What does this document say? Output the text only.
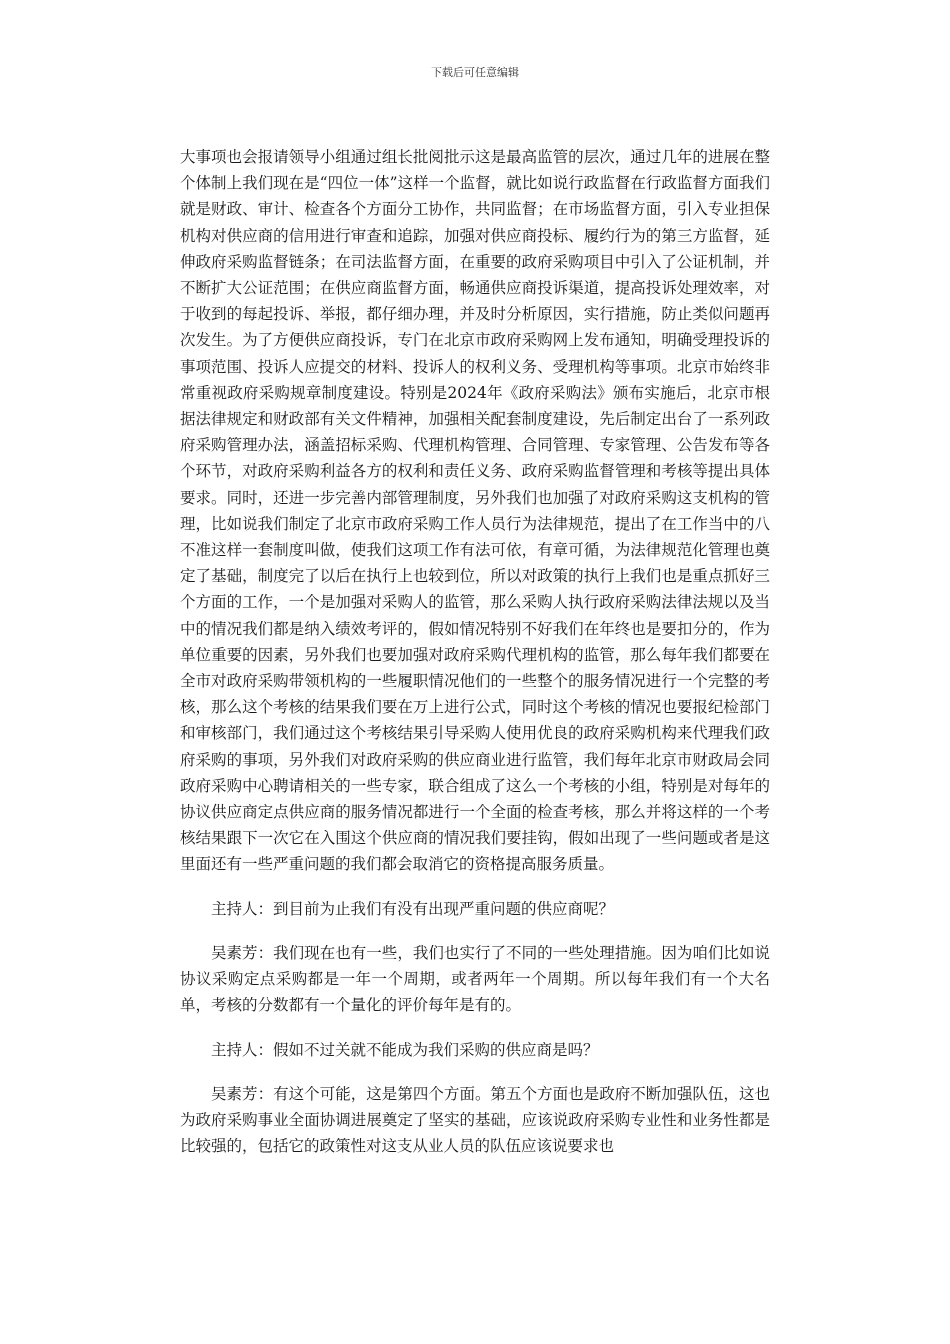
下载后可任意编辑

大事项也会报请领导小组通过组长批阅批示这是最高监管的层次，通过几年的进展在整个体制上我们现在是“四位一体”这样一个监督，就比如说行政监督在行政监督方面我们就是财政、审计、检查各个方面分工协作，共同监督；在市场监督方面，引入专业担保机构对供应商的信用进行审查和追踪，加强对供应商投标、履约行为的第三方监督，延伸政府采购监督链条；在司法监督方面，在重要的政府采购项目中引入了公证机制，并不断扩大公证范围；在供应商监督方面，畅通供应商投诉渠道，提高投诉处理效率，对于收到的每起投诉、举报，都仔细办理，并及时分析原因，实行措施，防止类似问题再次发生。为了方便供应商投诉，专门在北京市政府采购网上发布通知，明确受理投诉的事项范围、投诉人应提交的材料、投诉人的权利义务、受理机构等事项。北京市始终非常重视政府采购规章制度建设。特别是2024年《政府采购法》颁布实施后，北京市根据法律规定和财政部有关文件精神，加强相关配套制度建设，先后制定出台了一系列政府采购管理办法，涵盖招标采购、代理机构管理、合同管理、专家管理、公告发布等各个环节，对政府采购利益各方的权利和责任义务、政府采购监督管理和考核等提出具体要求。同时，还进一步完善内部管理制度，另外我们也加强了对政府采购这支机构的管理，比如说我们制定了北京市政府采购工作人员行为法律规范，提出了在工作当中的八不准这样一套制度叫做，使我们这项工作有法可依，有章可循，为法律规范化管理也奠定了基础，制度完了以后在执行上也较到位，所以对政策的执行上我们也是重点抓好三个方面的工作，一个是加强对采购人的监管，那么采购人执行政府采购法律法规以及当中的情况我们都是纳入绩效考评的，假如情况特别不好我们在年终也是要扣分的，作为单位重要的因素，另外我们也要加强对政府采购代理机构的监管，那么每年我们都要在全市对政府采购带领机构的一些履职情况他们的一些整个的服务情况进行一个完整的考核，那么这个考核的结果我们要在万上进行公式，同时这个考核的情况也要报纪检部门和审核部门，我们通过这个考核结果引导采购人使用优良的政府采购机构来代理我们政府采购的事项，另外我们对政府采购的供应商业进行监管，我们每年北京市财政局会同政府采购中心聘请相关的一些专家，联合组成了这么一个考核的小组，特别是对每年的协议供应商定点供应商的服务情况都进行一个全面的检查考核，那么并将这样的一个考核结果跟下一次它在入围这个供应商的情况我们要挂钩，假如出现了一些问题或者是这里面还有一些严重问题的我们都会取消它的资格提高服务质量。

主持人：到目前为止我们有没有出现严重问题的供应商呢？

吴素芳：我们现在也有一些，我们也实行了不同的一些处理措施。因为咱们比如说协议采购定点采购都是一年一个周期，或者两年一个周期。所以每年我们有一个大名单，考核的分数都有一个量化的评价每年是有的。

主持人：假如不过关就不能成为我们采购的供应商是吗？

吴素芳：有这个可能，这是第四个方面。第五个方面也是政府不断加强队伍，这也为政府采购事业全面协调进展奠定了坚实的基础，应该说政府采购专业性和业务性都是比较强的，包括它的政策性对这支从业人员的队伍应该说要求也
